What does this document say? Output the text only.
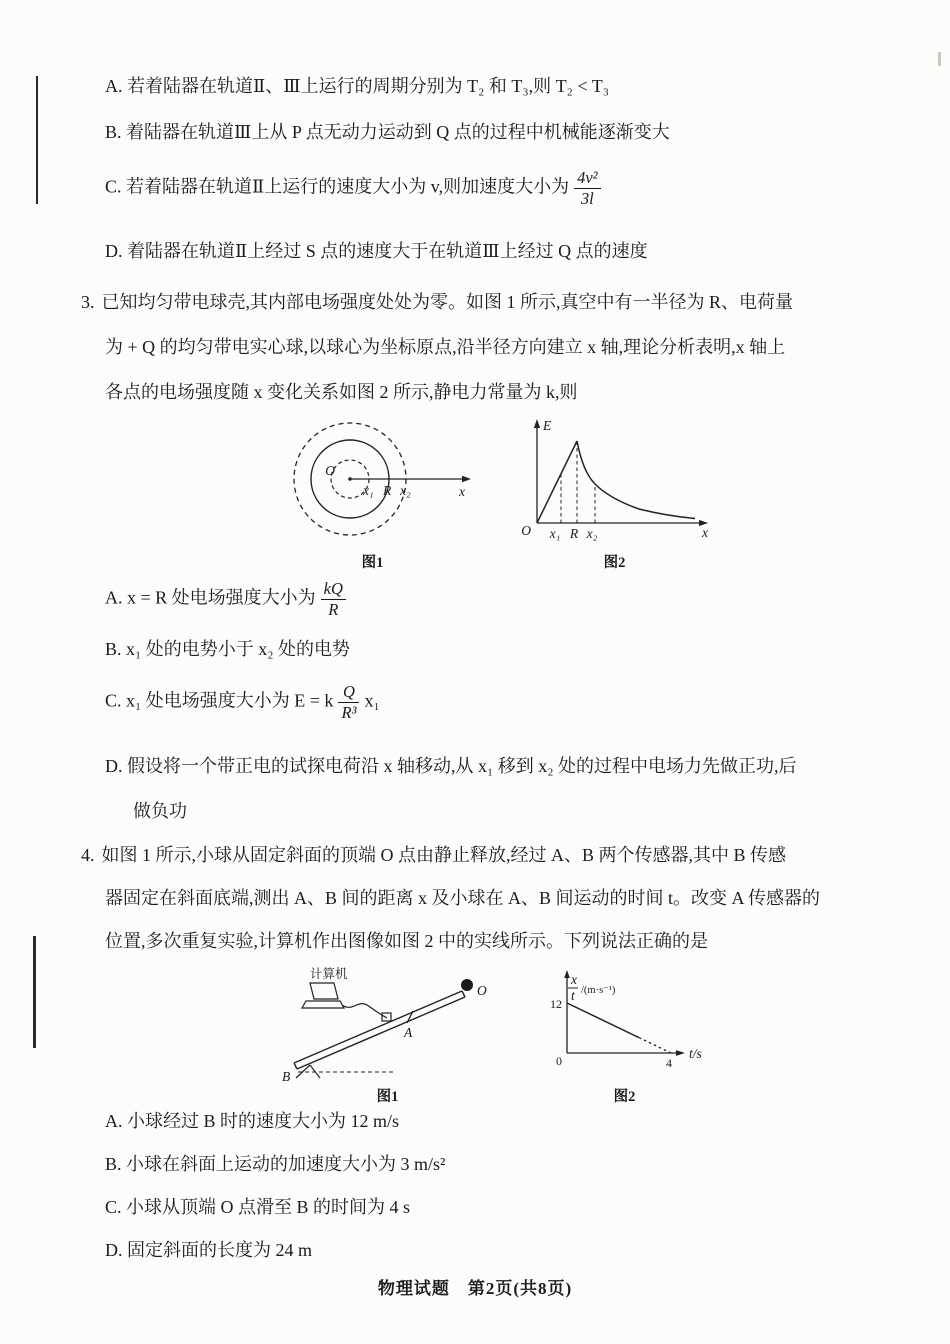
A. 若着陆器在轨道Ⅱ、Ⅲ上运行的周期分别为 T₂ 和 T₃,则 T₂ < T₃
B. 着陆器在轨道Ⅲ上从 P 点无动力运动到 Q 点的过程中机械能逐渐变大
C. 若着陆器在轨道Ⅱ上运行的速度大小为 v,则加速度大小为 $\frac{\text{4v²}}{3l}$
D. 着陆器在轨道Ⅱ上经过 S 点的速度大于在轨道Ⅲ上经过 Q 点的速度
3. 已知均匀带电球壳,其内部电场强度处处为零。如图 1 所示,真空中有一半径为 R、电荷量
为 + Q 的均匀带电实心球,以球心为坐标原点,沿半径方向建立 x 轴,理论分析表明,x 轴上
各点的电场强度随 x 变化关系如图 2 所示,静电力常量为 k,则
O
x₁ R x₂	x
图1
E
O x₁ R x₂	x
图2
A. x = R 处电场强度大小为 $\frac{kQ}{R}$
B. x₁ 处的电势小于 x₂ 处的电势
C. x₁ 处电场强度大小为 E = k $\frac{Q}{\text{R³}} x_1$
D. 假设将一个带正电的试探电荷沿 x 轴移动,从 x₁ 移到 x₂ 处的过程中电场力先做正功,后
做负功
4. 如图 1 所示,小球从固定斜面的顶端 O 点由静止释放,经过 A、B 两个传感器,其中 B 传感
器固定在斜面底端,测出 A、B 间的距离 x 及小球在 A、B 间运动的时间 t。改变 A 传感器的
位置,多次重复实验,计算机作出图像如图 2 中的实线所示。下列说法正确的是
计算机
O
A
B
图1
x
t /(m·s⁻¹)
12
0	4
t/s
图2
A. 小球经过 B 时的速度大小为 12 m/s
B. 小球在斜面上运动的加速度大小为 3 m/s²
C. 小球从顶端 O 点滑至 B 的时间为 4 s
D. 固定斜面的长度为 24 m
物理试题　第2页(共8页)
